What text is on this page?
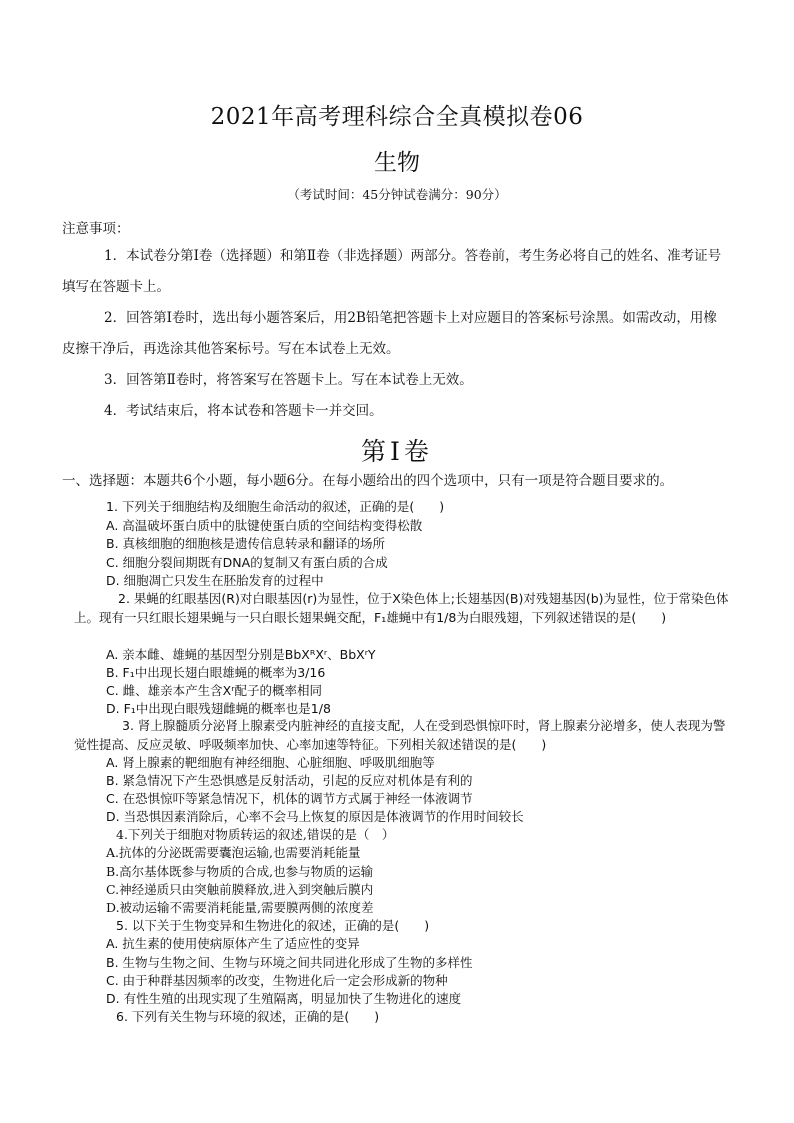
2021年高考理科综合全真模拟卷06
生物
（考试时间：45分钟试卷满分：90分）
注意事项：
1．本试卷分第Ⅰ卷（选择题）和第Ⅱ卷（非选择题）两部分。答卷前，考生务必将自己的姓名、准考证号填写在答题卡上。
2．回答第Ⅰ卷时，选出每小题答案后，用2B铅笔把答题卡上对应题目的答案标号涂黑。如需改动，用橡皮擦干净后，再选涂其他答案标号。写在本试卷上无效。
3．回答第Ⅱ卷时，将答案写在答题卡上。写在本试卷上无效。
4．考试结束后，将本试卷和答题卡一并交回。
第Ⅰ卷
一、选择题：本题共6个小题，每小题6分。在每小题给出的四个选项中，只有一项是符合题目要求的。
1. 下列关于细胞结构及细胞生命活动的叙述，正确的是(　　)
A. 高温破坏蛋白质中的肽键使蛋白质的空间结构变得松散
B. 真核细胞的细胞核是遗传信息转录和翻译的场所
C. 细胞分裂间期既有DNA的复制又有蛋白质的合成
D. 细胞凋亡只发生在胚胎发育的过程中
2. 果蝇的红眼基因(R)对白眼基因(r)为显性，位于X染色体上;长翅基因(B)对残翅基因(b)为显性，位于常染色体上。现有一只红眼长翅果蝇与一只白眼长翅果蝇交配，F₁雄蝇中有1/8为白眼残翅，下列叙述错误的是(　　)
A. 亲本雌、雄蝇的基因型分别是BbXᴿXʳ、BbXʳY
B. F₁中出现长翅白眼雄蝇的概率为3/16
C. 雌、雄亲本产生含Xʳ配子的概率相同
D. F₁中出现白眼残翅雌蝇的概率也是1/8
3. 肾上腺髓质分泌肾上腺素受内脏神经的直接支配，人在受到恐惧惊吓时，肾上腺素分泌增多，使人表现为警觉性提高、反应灵敏、呼吸频率加快、心率加速等特征。下列相关叙述错误的是(　　)
A. 肾上腺素的靶细胞有神经细胞、心脏细胞、呼吸肌细胞等
B. 紧急情况下产生恐惧感是反射活动，引起的反应对机体是有利的
C. 在恐惧惊吓等紧急情况下，机体的调节方式属于神经一体液调节
D. 当恐惧因素消除后，心率不会马上恢复的原因是体液调节的作用时间较长
4.下列关于细胞对物质转运的叙述,错误的是（　）
A.抗体的分泌既需要囊泡运输,也需要消耗能量
B.高尔基体既参与物质的合成,也参与物质的运输
C.神经递质只由突触前膜释放,进入到突触后膜内
D.被动运输不需要消耗能量,需要膜两侧的浓度差
5. 以下关于生物变异和生物进化的叙述，正确的是(　　)
A. 抗生素的使用使病原体产生了适应性的变异
B. 生物与生物之间、生物与环境之间共同进化形成了生物的多样性
C. 由于种群基因频率的改变，生物进化后一定会形成新的物种
D. 有性生殖的出现实现了生殖隔离，明显加快了生物进化的速度
6. 下列有关生物与环境的叙述，正确的是(　　)
